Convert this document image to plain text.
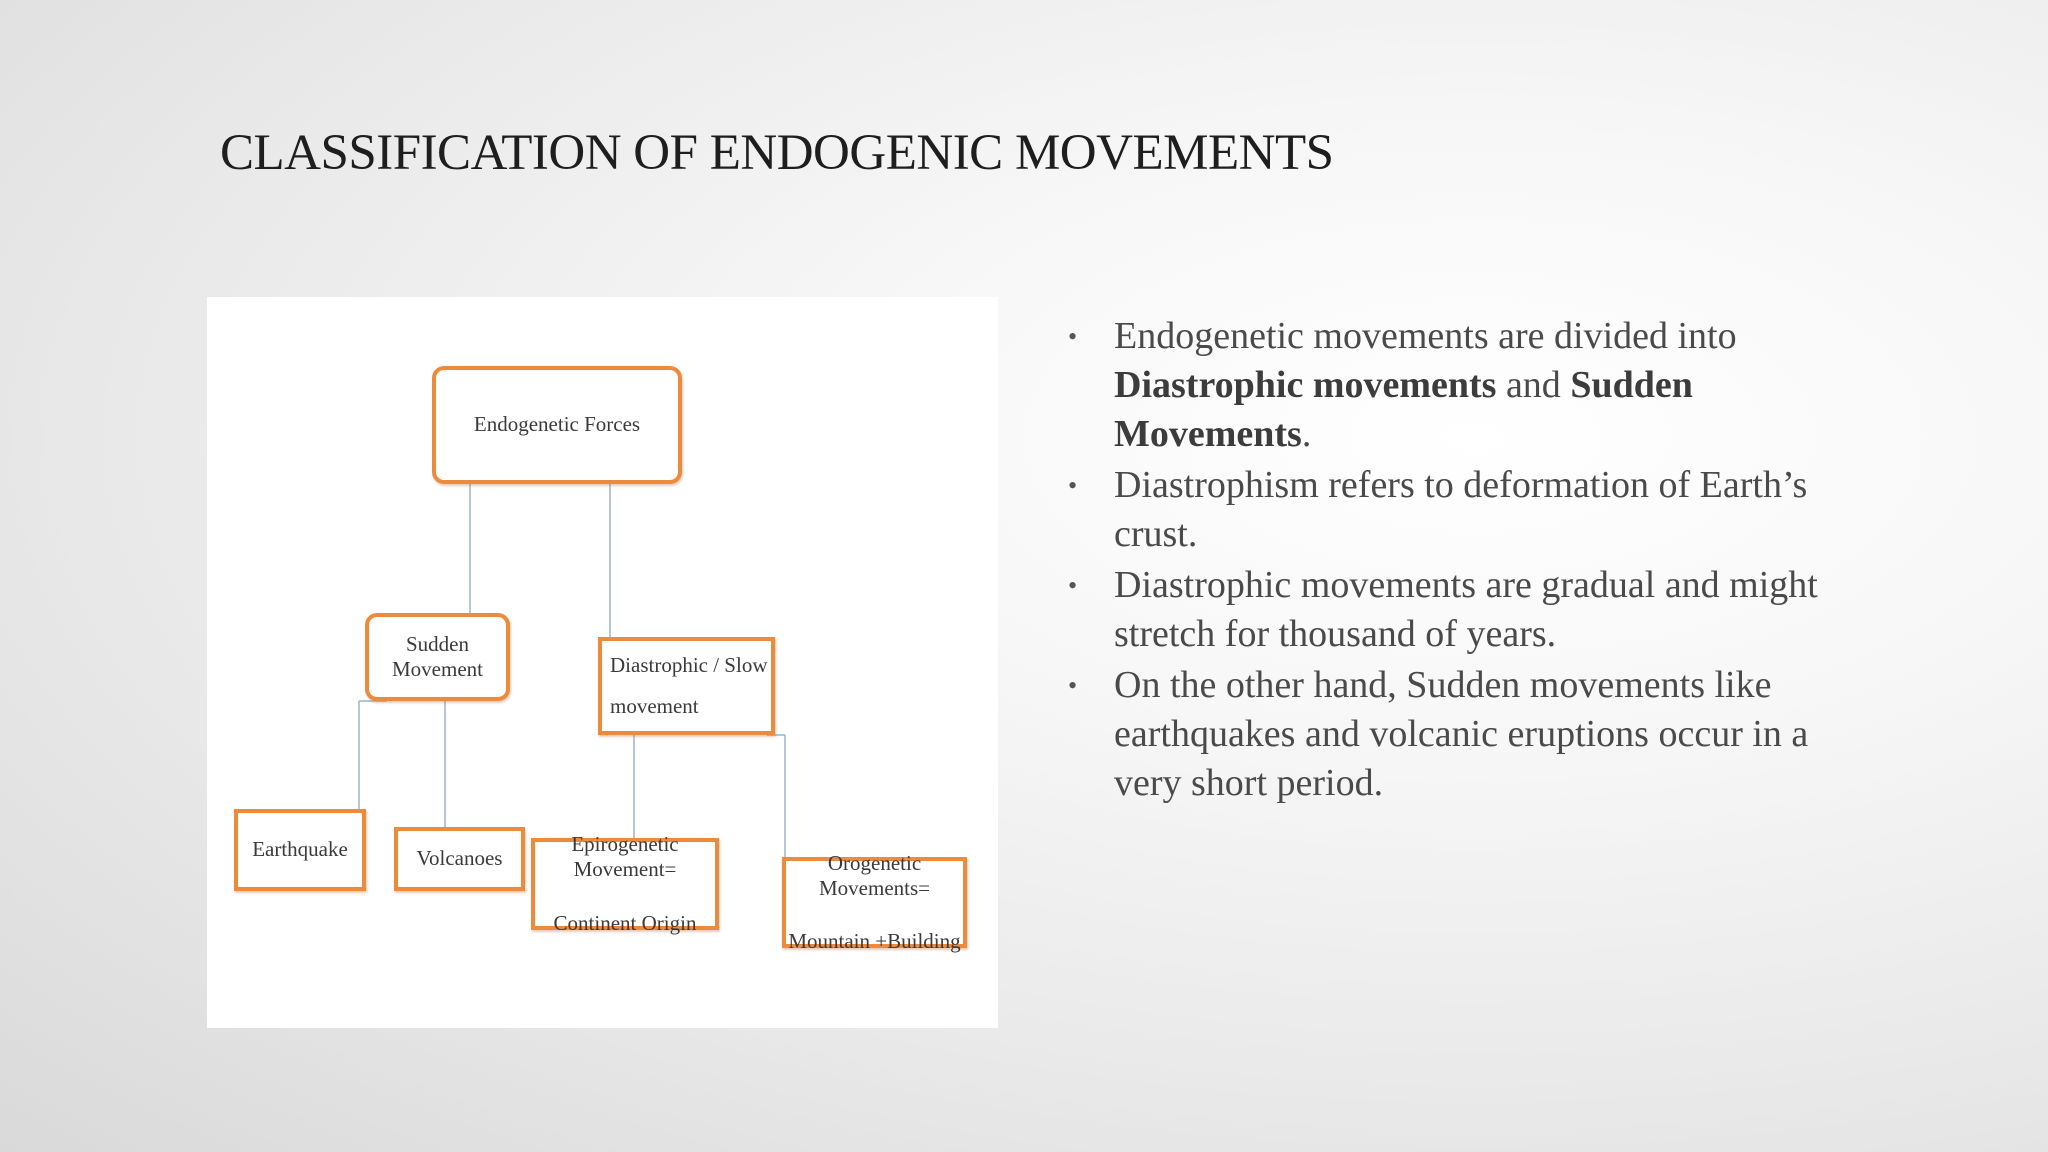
CLASSIFICATION OF ENDOGENIC MOVEMENTS
Endogenetic Forces
Sudden Movement	Diastrophic / Slow
movement
Earthquake	Volcanoes
Epirogenetic Movement=
Continent Origin
Orogenetic Movements=
Mountain +Building
• Endogenetic movements are divided into Diastrophic movements and Sudden Movements.
• Diastrophism refers to deformation of Earth’s crust.
• Diastrophic movements are gradual and might stretch for thousand of years.
• On the other hand, Sudden movements like earthquakes and volcanic eruptions occur in a very short period.
